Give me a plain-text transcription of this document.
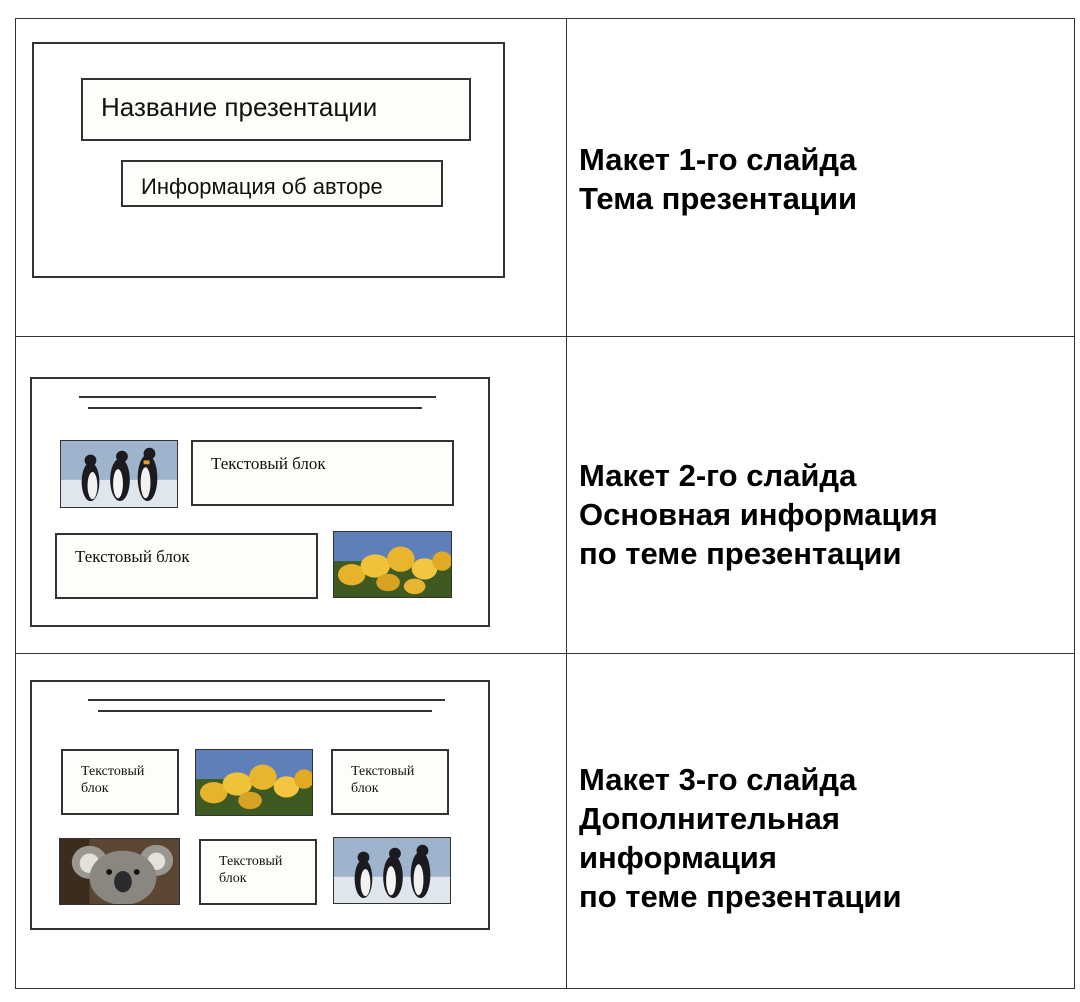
Название презентации
Информация об авторе
Макет 1-го слайда
Тема презентации
Текстовый блок
Текстовый блок
Макет 2-го слайда
Основная информация
по теме презентации
Текстовый
блок
Текстовый
блок
Текстовый
блок
Макет 3-го слайда
Дополнительная
информация
по теме презентации
